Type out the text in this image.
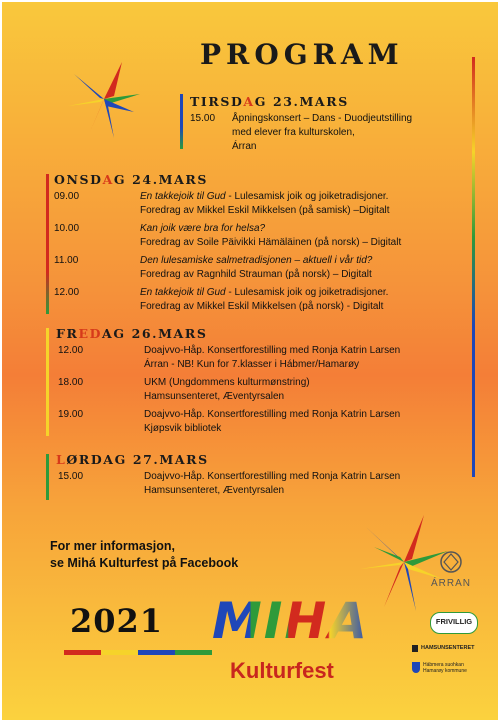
PROGRAM
TIRSDAG 23.MARS
15.00	Åpningskonsert – Dans - Duodjeutstilling
med elever fra kulturskolen,
Árran
ONSDAG 24.MARS
09.00	En takkejoik til Gud - Lulesamisk joik og joiketradisjoner.
Foredrag av Mikkel Eskil Mikkelsen (på samisk) –Digitalt
10.00	Kan joik være bra for helsa?
Foredrag av Soile Päivikki Hämäläinen (på norsk) – Digitalt
11.00	Den lulesamiske salmetradisjonen – aktuell i vår tid?
Foredrag av Ragnhild Strauman (på norsk) – Digitalt
12.00	En takkejoik til Gud - Lulesamisk joik og joiketradisjoner.
Foredrag av Mikkel Eskil Mikkelsen (på norsk) - Digitalt
FREDAG 26.MARS
12.00	Doajvvo-Håp. Konsertforestilling med Ronja Katrin Larsen
Árran - NB! Kun for 7.klasser i Hábmer/Hamarøy
18.00	UKM (Ungdommens kulturmønstring)
Hamsunsenteret, Æventyrsalen
19.00	Doajvvo-Håp. Konsertforestilling med Ronja Katrin Larsen
Kjøpsvik bibliotek
LØRDAG 27.MARS
15.00	Doajvvo-Håp. Konsertforestilling med Ronja Katrin Larsen
Hamsunsenteret, Æventyrsalen
For mer informasjon,
se Mihá Kulturfest på Facebook
ÁRRAN
FRIVILLIG
HAMSUNSENTERET
Hábmera suohkan
Hamarøy kommune
2021 MIHA
Kulturfest
